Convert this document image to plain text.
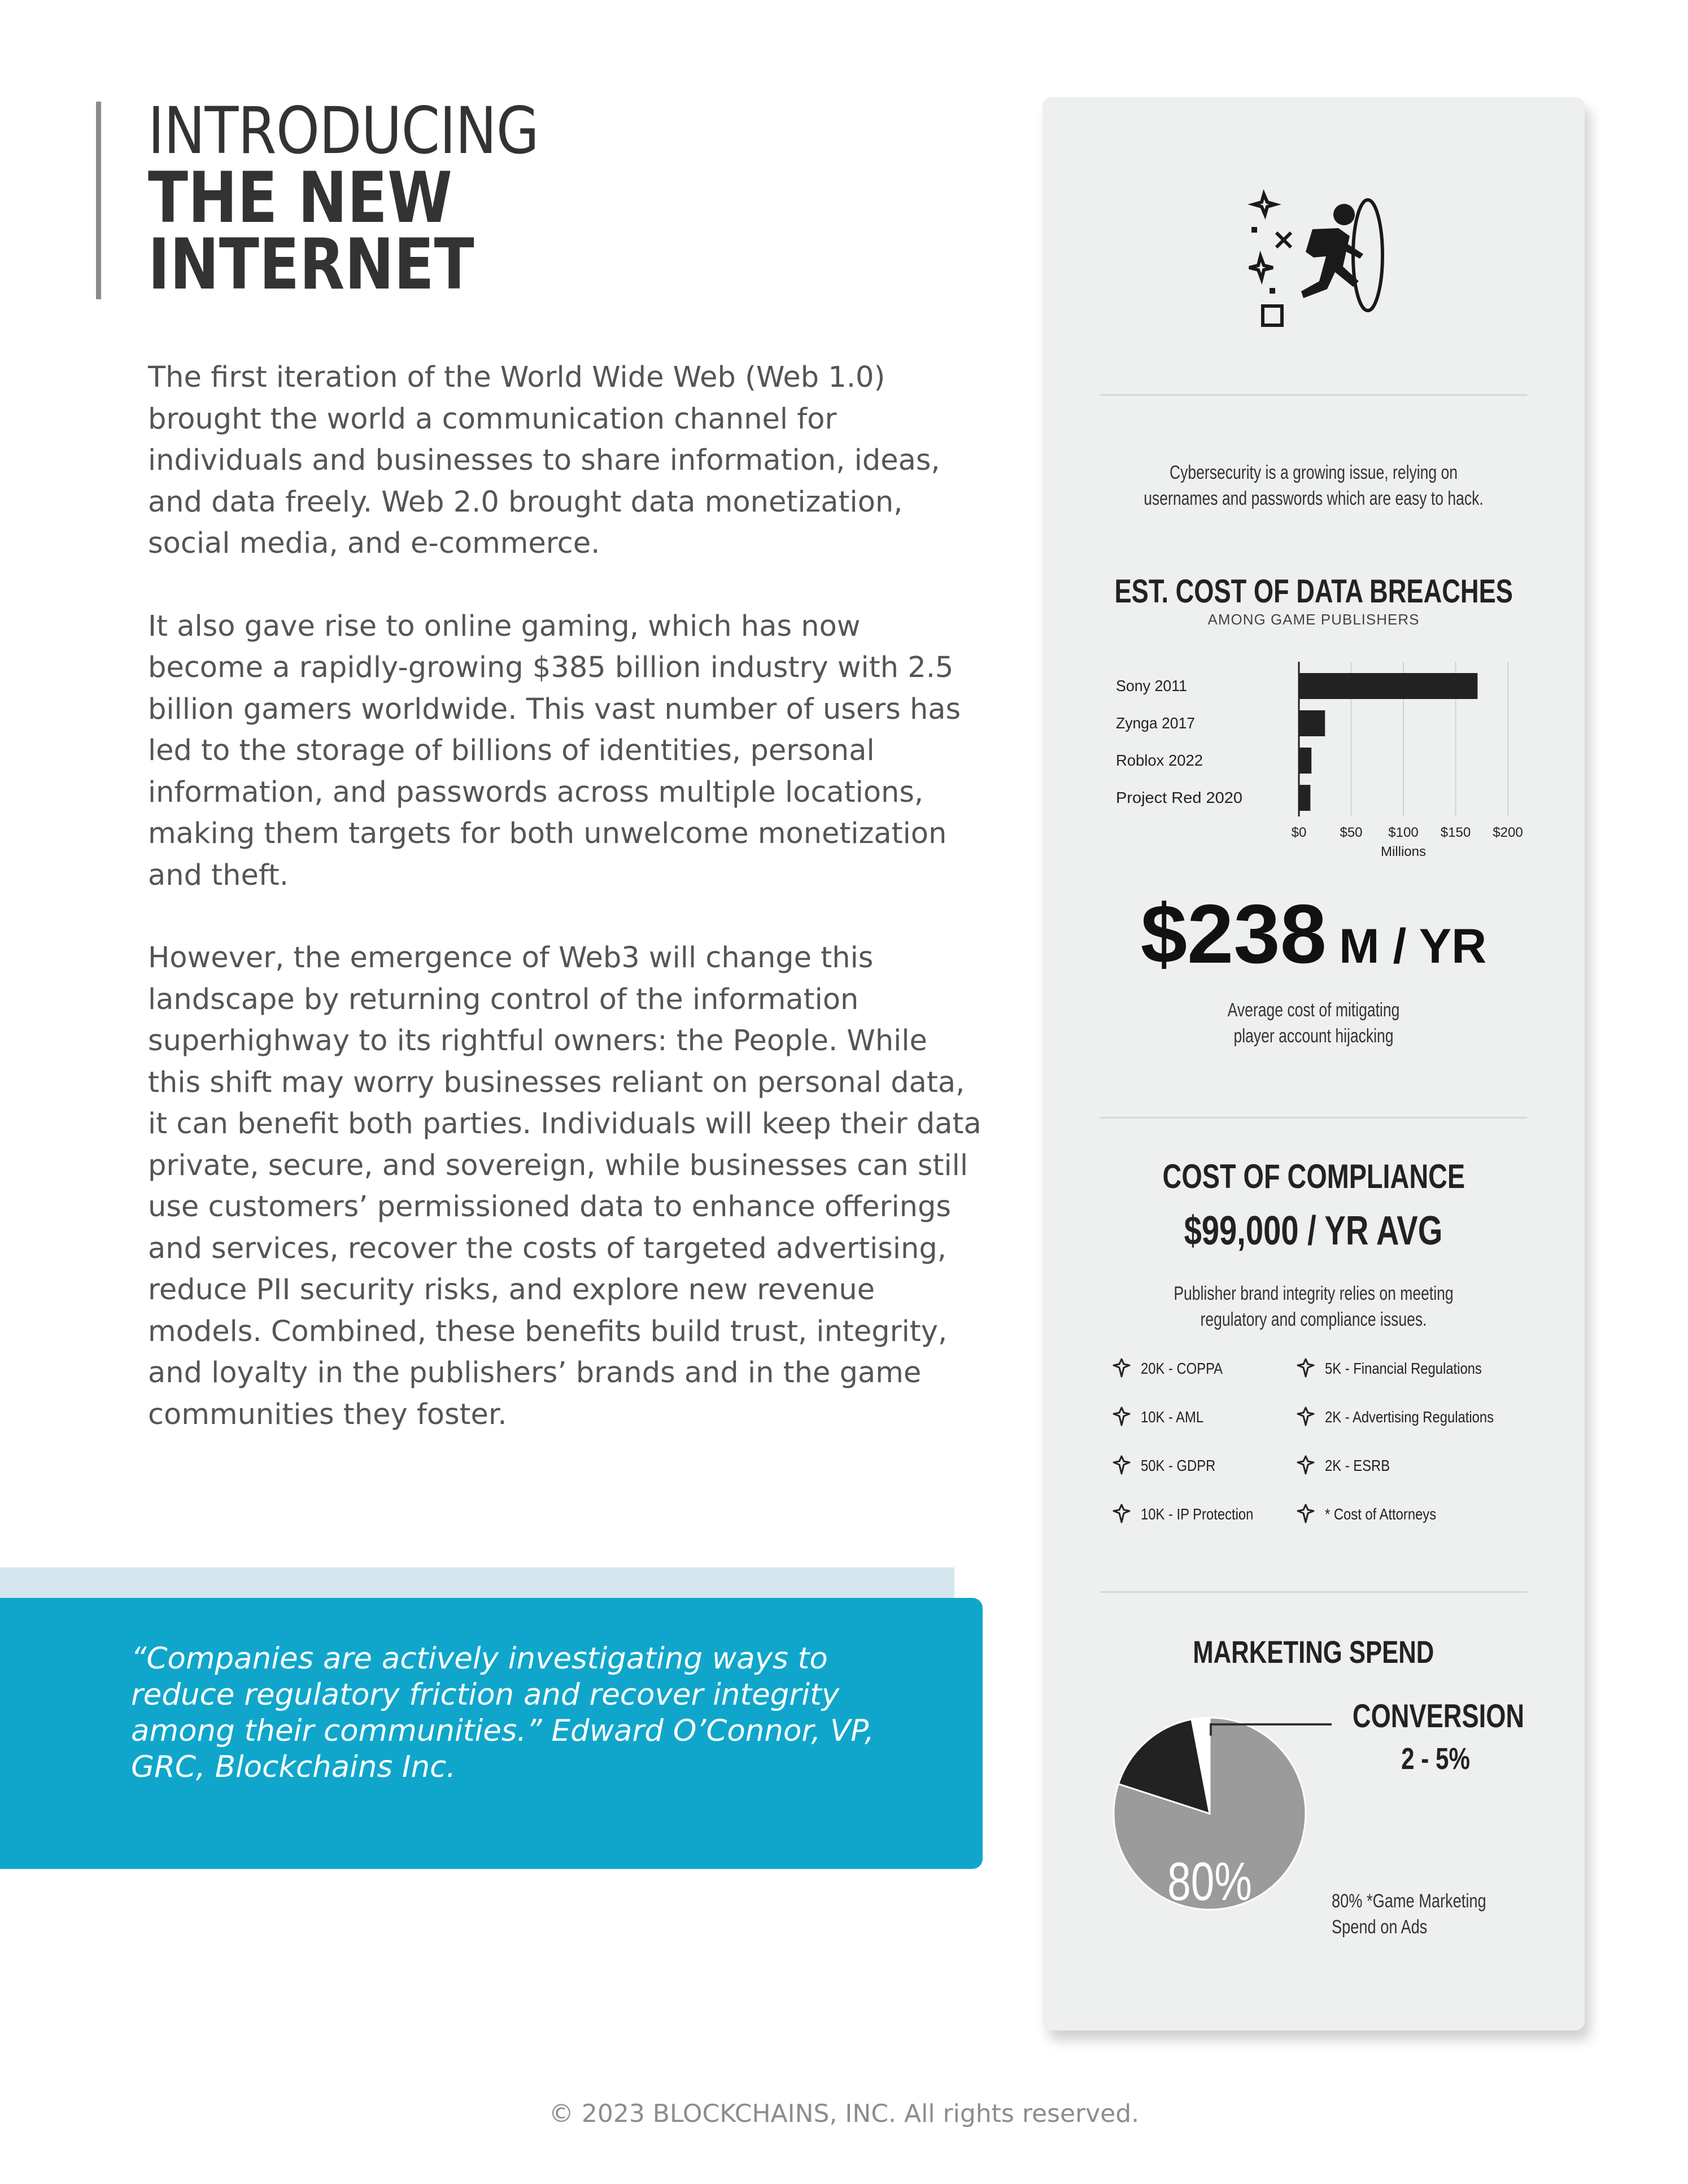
INTRODUCING
THE NEW
INTERNET

The first iteration of the World Wide Web (Web 1.0) brought the world a communication channel for individuals and businesses to share information, ideas, and data freely. Web 2.0 brought data monetization, social media, and e-commerce.

It also gave rise to online gaming, which has now become a rapidly-growing $385 billion industry with 2.5 billion gamers worldwide. This vast number of users has led to the storage of billions of identities, personal information, and passwords across multiple locations, making them targets for both unwelcome monetization and theft.

However, the emergence of Web3 will change this landscape by returning control of the information superhighway to its rightful owners: the People. While this shift may worry businesses reliant on personal data, it can benefit both parties. Individuals will keep their data private, secure, and sovereign, while businesses can still use customers’ permissioned data to enhance offerings and services, recover the costs of targeted advertising, reduce PII security risks, and explore new revenue models. Combined, these benefits build trust, integrity, and loyalty in the publishers’ brands and in the game communities they foster.

“Companies are actively investigating ways to reduce regulatory friction and recover integrity among their communities.” Edward O’Connor, VP, GRC, Blockchains Inc.
Cybersecurity is a growing issue, relying on usernames and passwords which are easy to hack.
EST. COST OF DATA BREACHES
AMONG GAME PUBLISHERS
$0 $50 $100 $150 $200
Sony 2011
Zynga 2017
Roblox 2022
Project Red 2020
Millions
$238 M / YR
Average cost of mitigating player account hijacking
COST OF COMPLIANCE
$99,000 / YR AVG
Publisher brand integrity relies on meeting regulatory and compliance issues.
20K - COPPA	5K - Financial Regulations
10K - AML	2K - Advertising Regulations
50K - GDPR	2K - ESRB
10K - IP Protection	* Cost of Attorneys
MARKETING SPEND
CONVERSION
2 - 5%
80%	80% *Game Marketing Spend on Ads
© 2023 BLOCKCHAINS, INC. All rights reserved.
